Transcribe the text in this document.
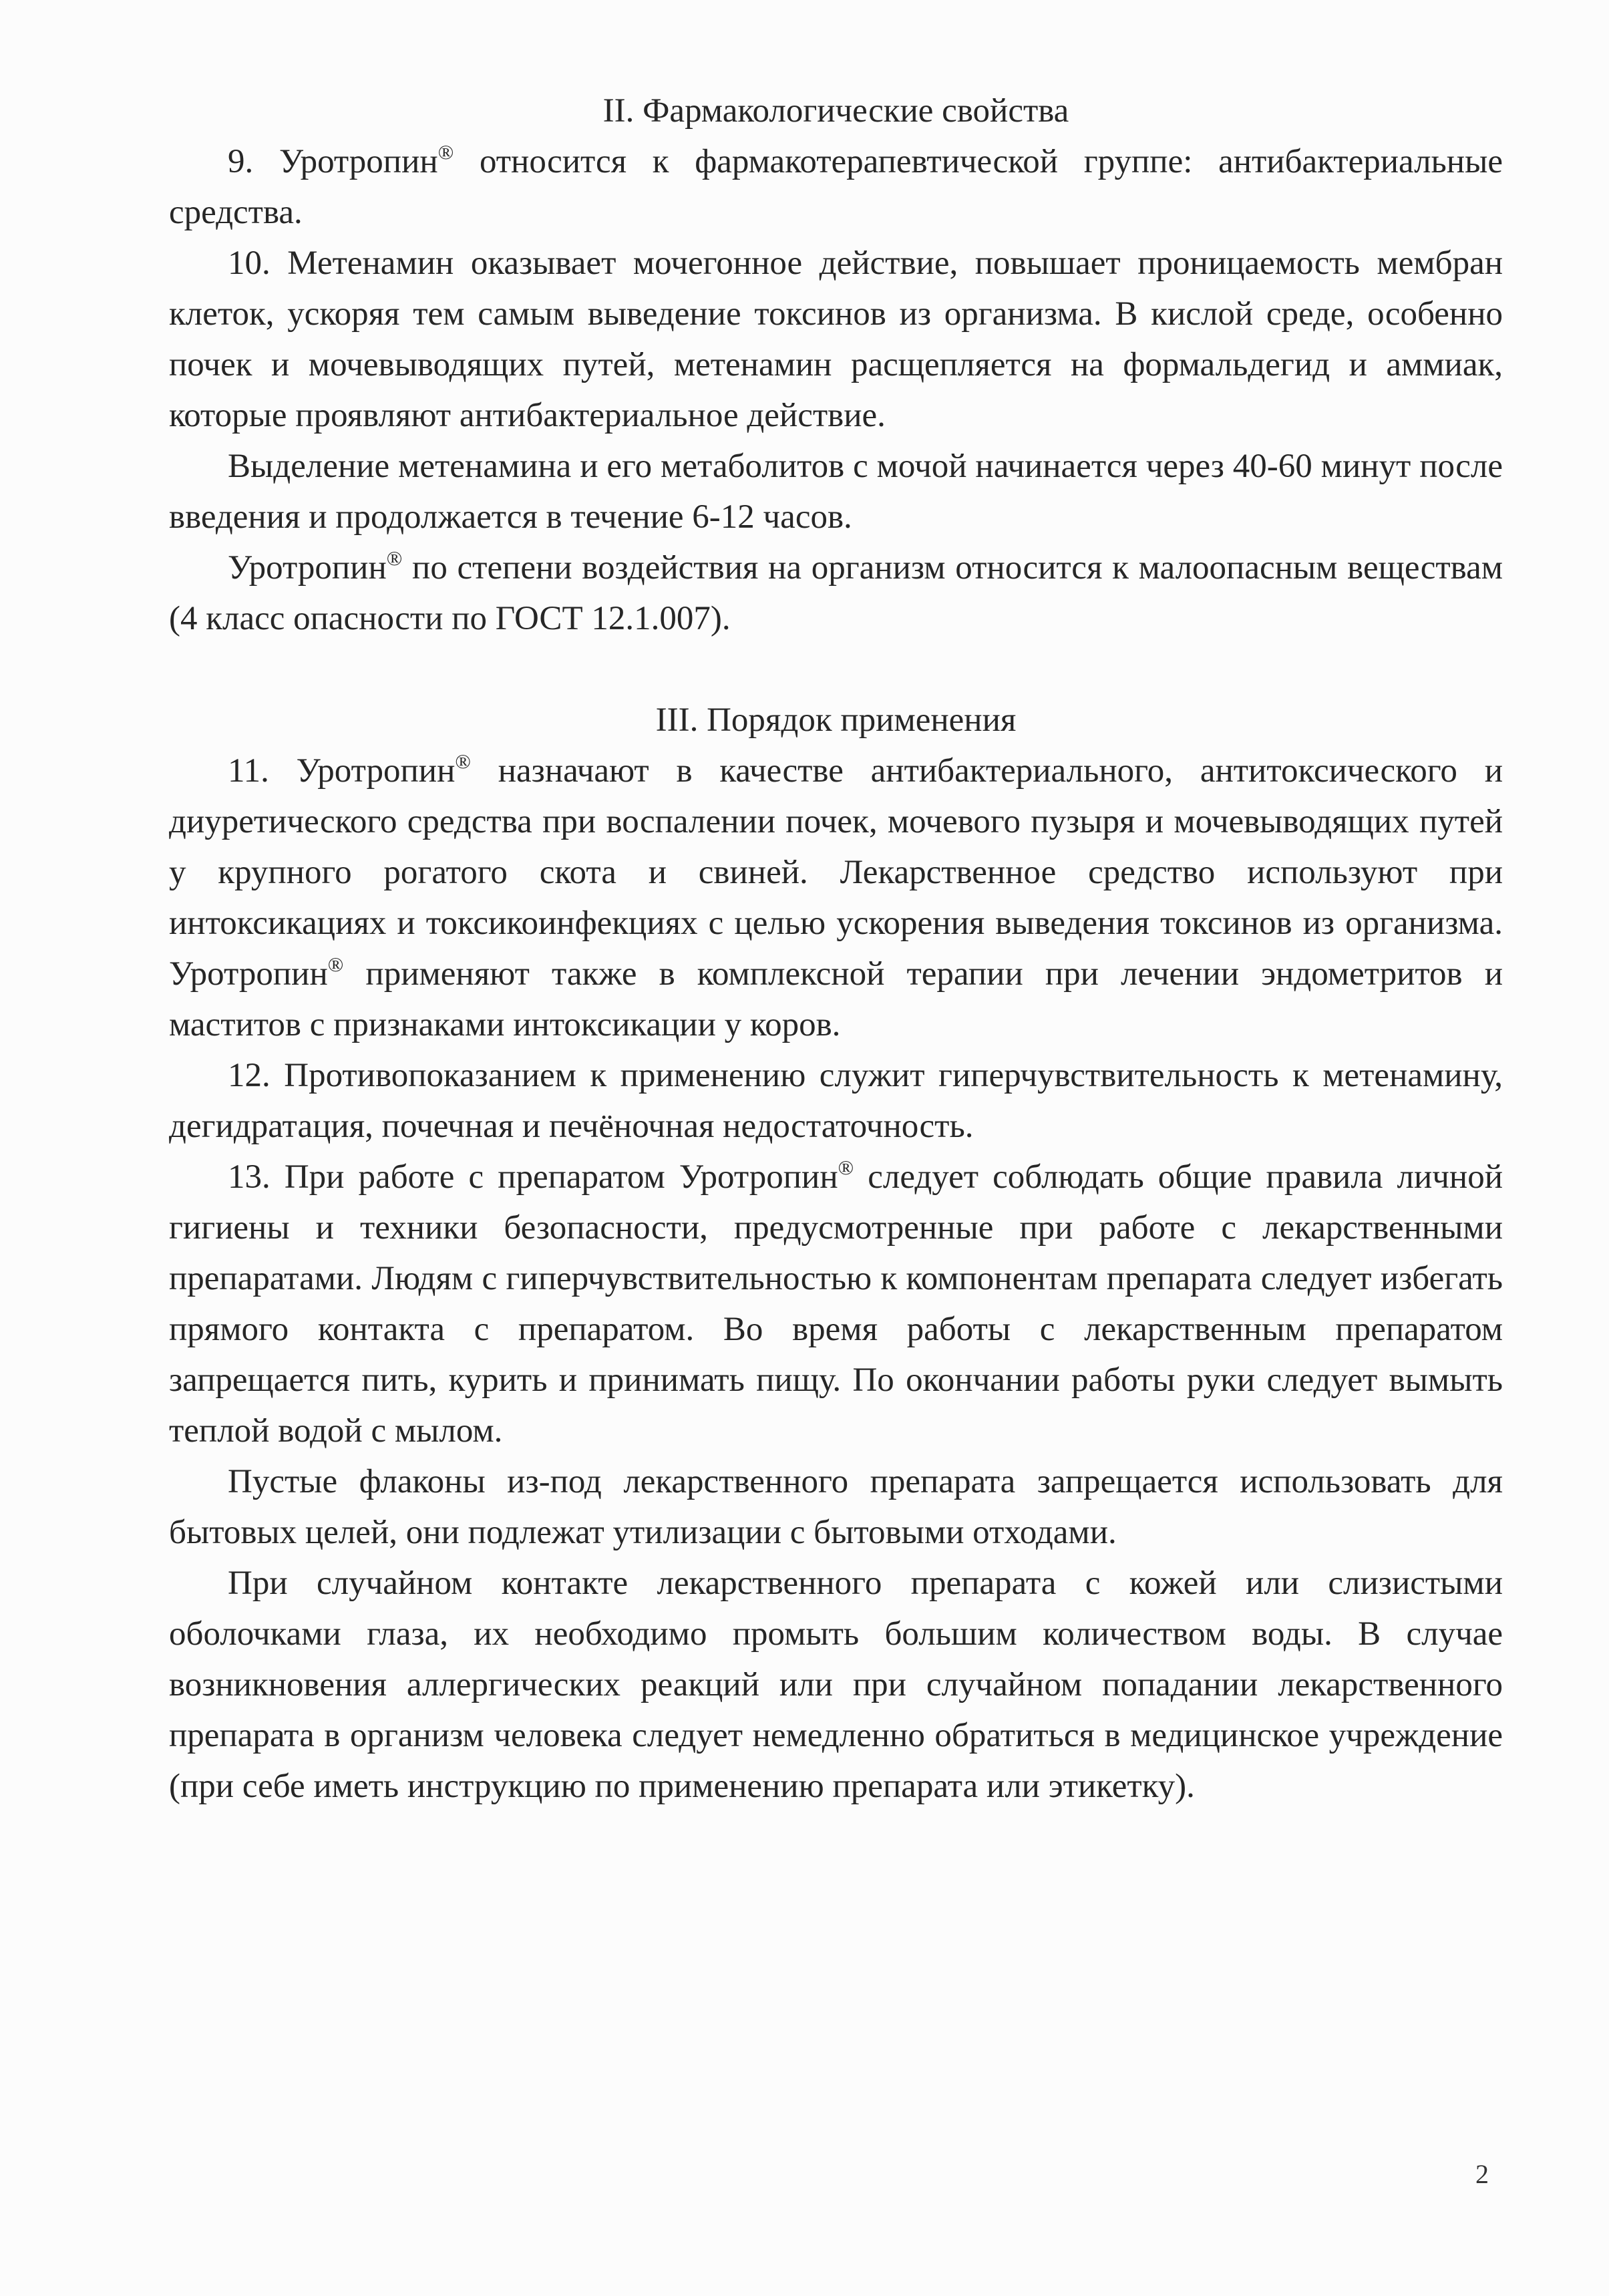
II. Фармакологические свойства

9. Уротропин® относится к фармакотерапевтической группе: антибактериальные средства.

10. Метенамин оказывает мочегонное действие, повышает проницаемость мембран клеток, ускоряя тем самым выведение токсинов из организма. В кислой среде, особенно почек и мочевыводящих путей, метенамин расщепляется на формальдегид и аммиак, которые проявляют антибактериальное действие.

Выделение метенамина и его метаболитов с мочой начинается через 40-60 минут после введения и продолжается в течение 6-12 часов.

Уротропин® по степени воздействия на организм относится к малоопасным веществам (4 класс опасности по ГОСТ 12.1.007).

III. Порядок применения

11. Уротропин® назначают в качестве антибактериального, антитоксического и диуретического средства при воспалении почек, мочевого пузыря и мочевыводящих путей у крупного рогатого скота и свиней. Лекарственное средство используют при интоксикациях и токсикоинфекциях с целью ускорения выведения токсинов из организма. Уротропин® применяют также в комплексной терапии при лечении эндометритов и маститов с признаками интоксикации у коров.

12. Противопоказанием к применению служит гиперчувствительность к метенамину, дегидратация, почечная и печёночная недостаточность.

13. При работе с препаратом Уротропин® следует соблюдать общие правила личной гигиены и техники безопасности, предусмотренные при работе с лекарственными препаратами. Людям с гиперчувствительностью к компонентам препарата следует избегать прямого контакта с препаратом. Во время работы с лекарственным препаратом запрещается пить, курить и принимать пищу. По окончании работы руки следует вымыть теплой водой с мылом.

Пустые флаконы из-под лекарственного препарата запрещается использовать для бытовых целей, они подлежат утилизации с бытовыми отходами.

При случайном контакте лекарственного препарата с кожей или слизистыми оболочками глаза, их необходимо промыть большим количеством воды. В случае возникновения аллергических реакций или при случайном попадании лекарственного препарата в организм человека следует немедленно обратиться в медицинское учреждение (при себе иметь инструкцию по применению препарата или этикетку).

2
